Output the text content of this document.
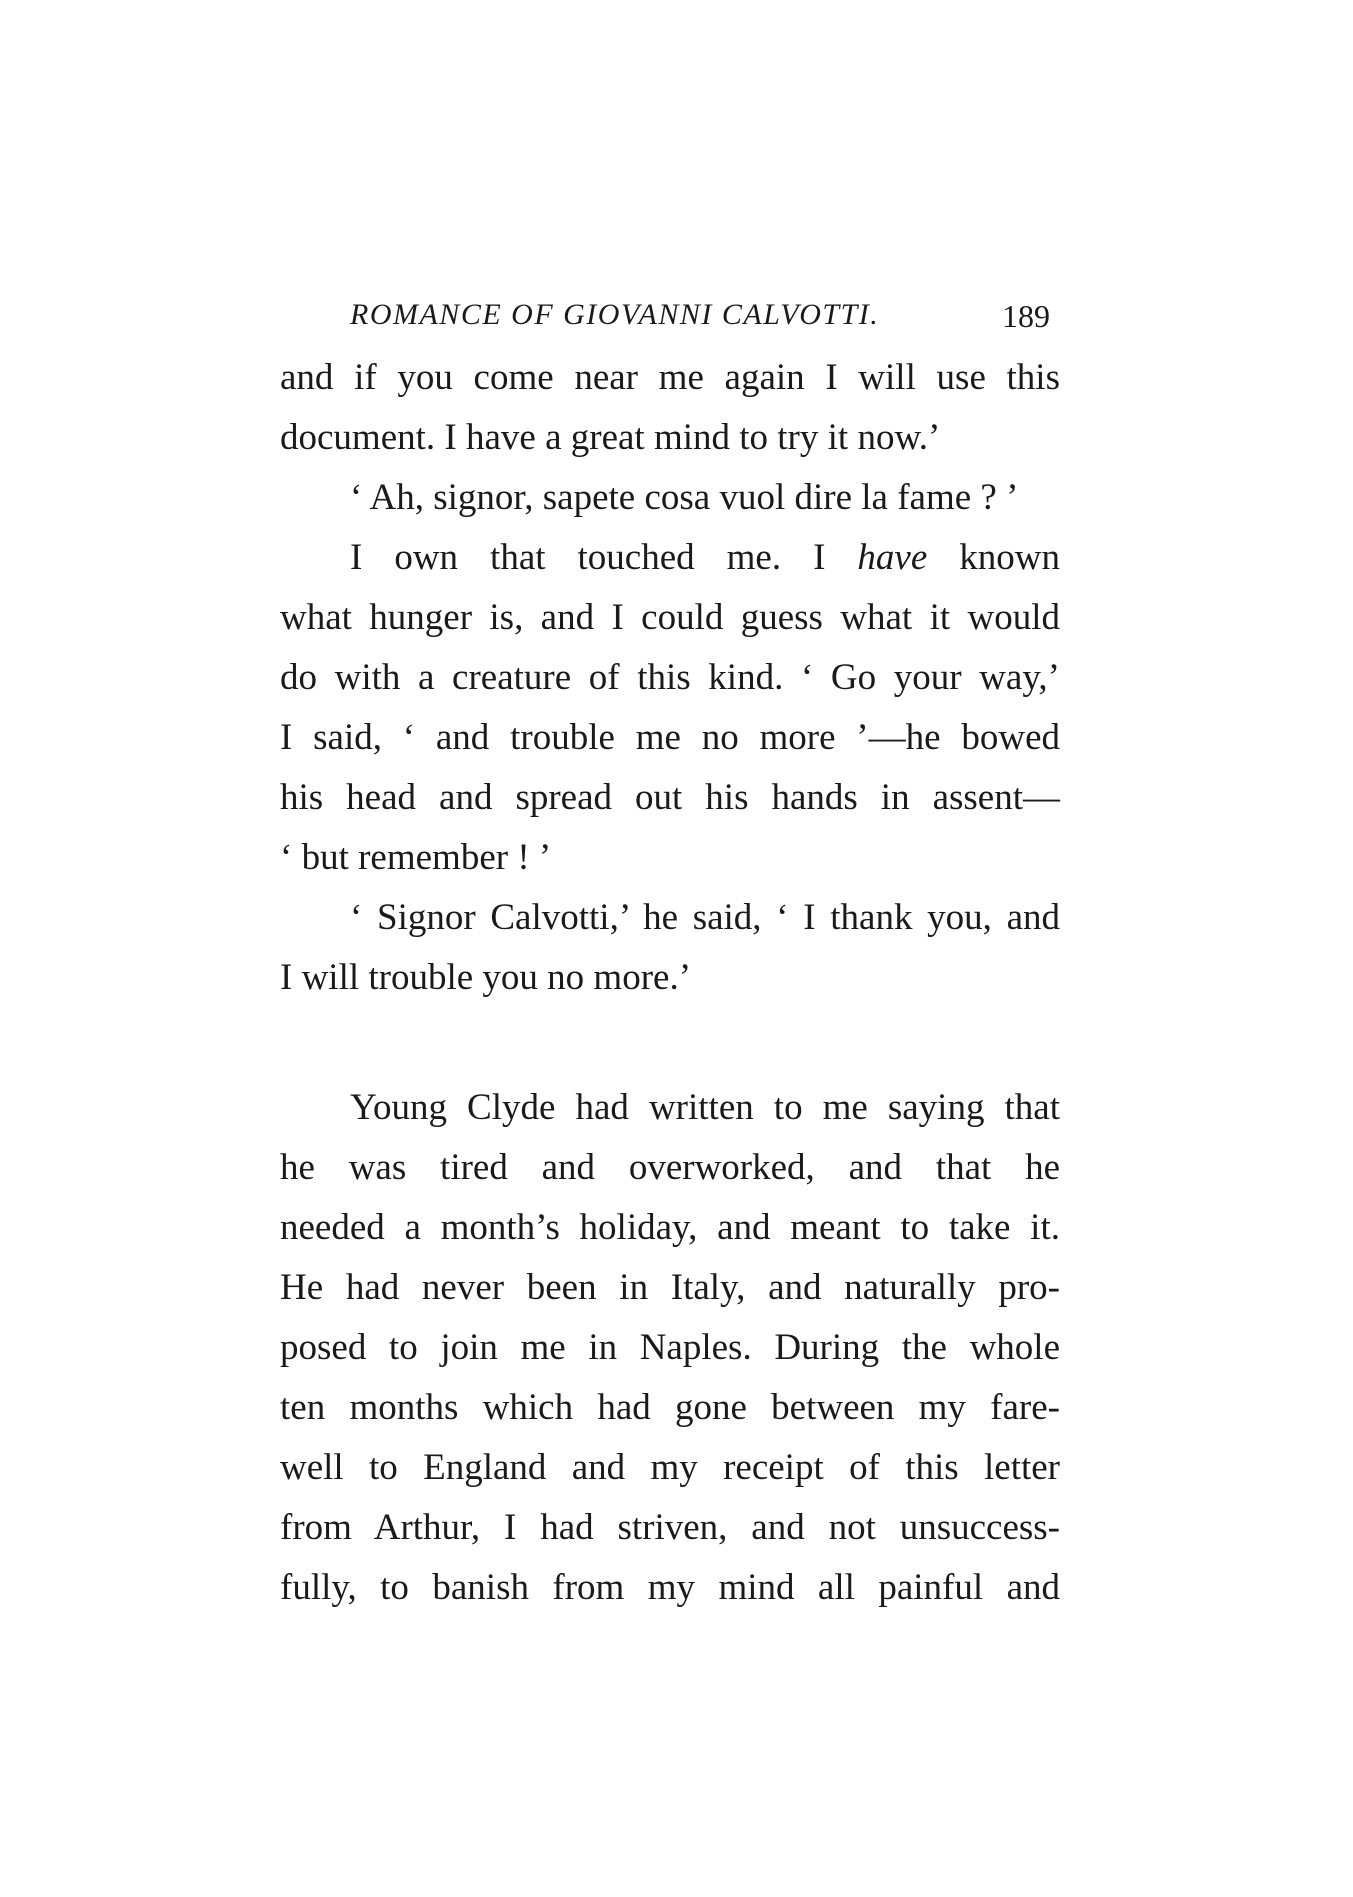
ROMANCE OF GIOVANNI CALVOTTI.	189
and if you come near me again I will use this
document. I have a great mind to try it now.’
‘ Ah, signor, sapete cosa vuol dire la fame ? ’
I own that touched me. I have known
what hunger is, and I could guess what it would
do with a creature of this kind. ‘ Go your way,’
I said, ‘ and trouble me no more ’—he bowed
his head and spread out his hands in assent—
‘ but remember ! ’
‘ Signor Calvotti,’ he said, ‘ I thank you, and
I will trouble you no more.’
Young Clyde had written to me saying that
he was tired and overworked, and that he
needed a month’s holiday, and meant to take it.
He had never been in Italy, and naturally pro-
posed to join me in Naples. During the whole
ten months which had gone between my fare-
well to England and my receipt of this letter
from Arthur, I had striven, and not unsuccess-
fully, to banish from my mind all painful and
